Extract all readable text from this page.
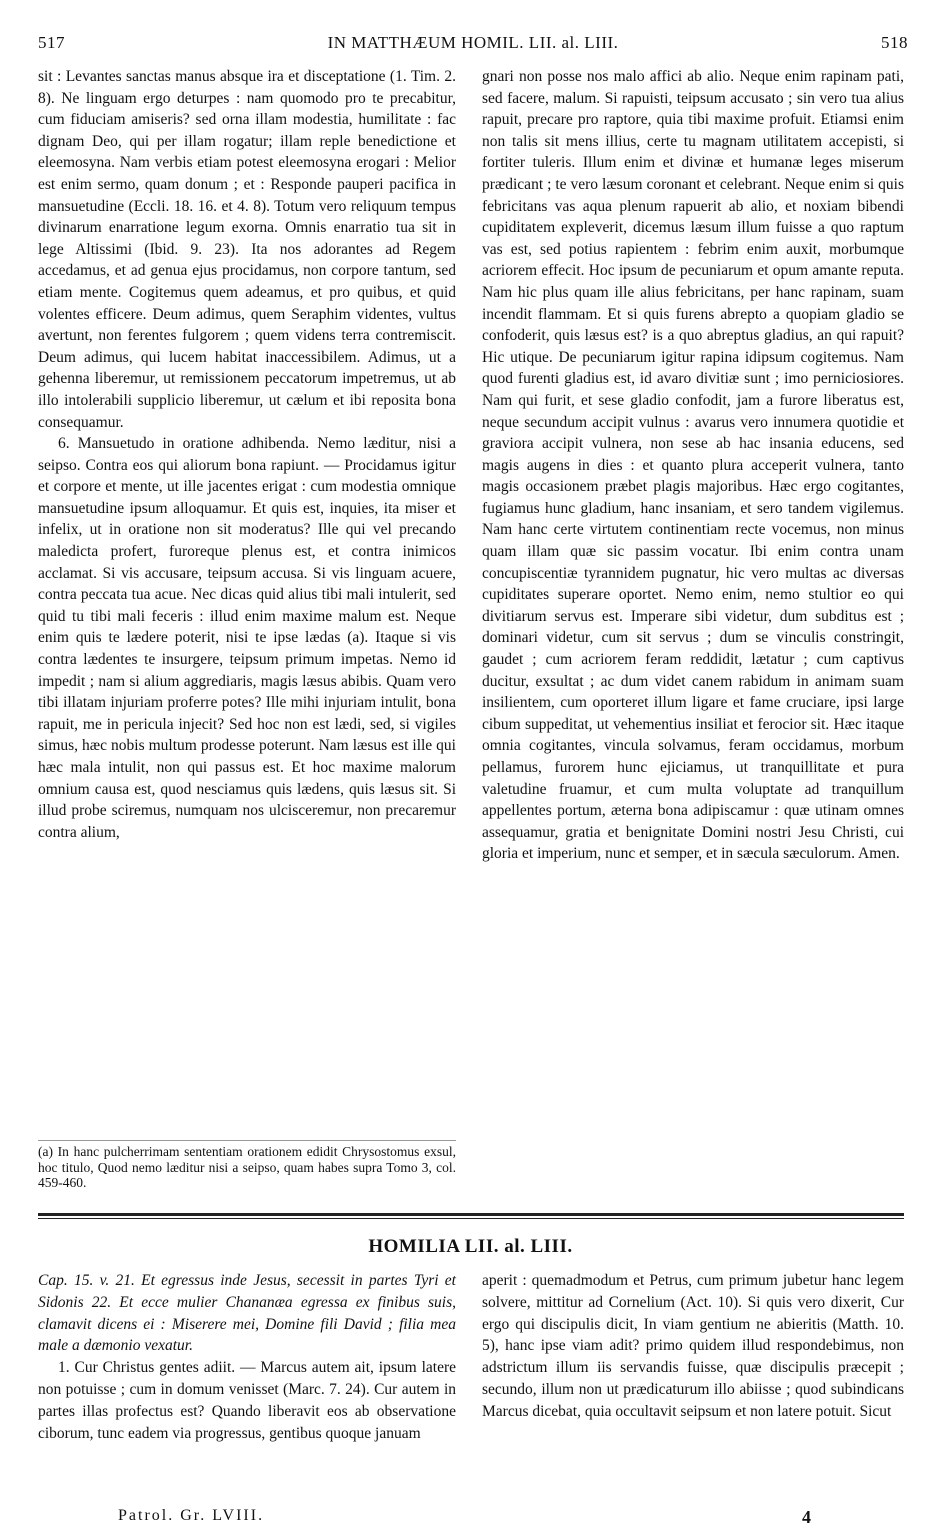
517	IN MATTHÆUM HOMIL. LII. al. LIII.	518

sit : Levantes sanctas manus absque ira et disceptatione (1. Tim. 2. 8). Ne linguam ergo deturpes : nam quomodo pro te precabitur, cum fiduciam amiseris? sed orna illam modestia, humilitate : fac dignam Deo, qui per illam rogatur; illam reple benedictione et eleemosyna. Nam verbis etiam potest eleemosyna erogari : Melior est enim sermo, quam donum ; et : Responde pauperi pacifica in mansuetudine (Eccli. 18. 16. et 4. 8). Totum vero reliquum tempus divinarum enarratione legum exorna. Omnis enarratio tua sit in lege Altissimi (Ibid. 9. 23). Ita nos adorantes ad Regem accedamus, et ad genua ejus procidamus, non corpore tantum, sed etiam mente. Cogitemus quem adeamus, et pro quibus, et quid volentes efficere. Deum adimus, quem Seraphim videntes, vultus avertunt, non ferentes fulgorem ; quem videns terra contremiscit. Deum adimus, qui lucem habitat inaccessibilem. Adimus, ut a gehenna liberemur, ut remissionem peccatorum impetremus, ut ab illo intolerabili supplicio liberemur, ut cælum et ibi reposita bona consequamur.

6. Mansuetudo in oratione adhibenda. Nemo læditur, nisi a seipso. Contra eos qui aliorum bona rapiunt. — Procidamus igitur et corpore et mente, ut ille jacentes erigat : cum modestia omnique mansuetudine ipsum alloquamur. Et quis est, inquies, ita miser et infelix, ut in oratione non sit moderatus? Ille qui vel precando maledicta profert, furoreque plenus est, et contra inimicos acclamat. Si vis accusare, teipsum accusa. Si vis linguam acuere, contra peccata tua acue. Nec dicas quid alius tibi mali intulerit, sed quid tu tibi mali feceris : illud enim maxime malum est. Neque enim quis te lædere poterit, nisi te ipse lædas (a). Itaque si vis contra lædentes te insurgere, teipsum primum impetas. Nemo id impedit ; nam si alium aggrediaris, magis læsus abibis. Quam vero tibi illatam injuriam proferre potes? Ille mihi injuriam intulit, bona rapuit, me in pericula injecit? Sed hoc non est lædi, sed, si vigiles simus, hæc nobis multum prodesse poterunt. Nam læsus est ille qui hæc mala intulit, non qui passus est. Et hoc maxime malorum omnium causa est, quod nesciamus quis lædens, quis læsus sit. Si illud probe sciremus, numquam nos ulcisceremur, non precaremur contra alium,

(a) In hanc pulcherrimam sententiam orationem edidit Chrysostomus exsul, hoc titulo, Quod nemo læditur nisi a seipso, quam habes supra Tomo 3, col. 459-460.

gnari non posse nos malo affici ab alio. Neque enim rapinam pati, sed facere, malum. Si rapuisti, teipsum accusato ; sin vero tua alius rapuit, precare pro raptore, quia tibi maxime profuit. Etiamsi enim non talis sit mens illius, certe tu magnam utilitatem accepisti, si fortiter tuleris. Illum enim et divinæ et humanæ leges miserum prædicant ; te vero læsum coronant et celebrant. Neque enim si quis febricitans vas aqua plenum rapuerit ab alio, et noxiam bibendi cupiditatem expleverit, dicemus læsum illum fuisse a quo raptum vas est, sed potius rapientem : febrim enim auxit, morbumque acriorem effecit. Hoc ipsum de pecuniarum et opum amante reputa. Nam hic plus quam ille alius febricitans, per hanc rapinam, suam incendit flammam. Et si quis furens abrepto a quopiam gladio se confoderit, quis læsus est? is a quo abreptus gladius, an qui rapuit? Hic utique. De pecuniarum igitur rapina idipsum cogitemus. Nam quod furenti gladius est, id avaro divitiæ sunt ; imo perniciosiores. Nam qui furit, et sese gladio confodit, jam a furore liberatus est, neque secundum accipit vulnus : avarus vero innumera quotidie et graviora accipit vulnera, non sese ab hac insania educens, sed magis augens in dies : et quanto plura acceperit vulnera, tanto magis occasionem præbet plagis majoribus. Hæc ergo cogitantes, fugiamus hunc gladium, hanc insaniam, et sero tandem vigilemus. Nam hanc certe virtutem continentiam recte vocemus, non minus quam illam quæ sic passim vocatur. Ibi enim contra unam concupiscentiæ tyrannidem pugnatur, hic vero multas ac diversas cupiditates superare oportet. Nemo enim, nemo stultior eo qui divitiarum servus est. Imperare sibi videtur, dum subditus est ; dominari videtur, cum sit servus ; dum se vinculis constringit, gaudet ; cum acriorem feram reddidit, lætatur ; cum captivus ducitur, exsultat ; ac dum videt canem rabidum in animam suam insilientem, cum oporteret illum ligare et fame cruciare, ipsi large cibum suppeditat, ut vehementius insiliat et ferocior sit. Hæc itaque omnia cogitantes, vincula solvamus, feram occidamus, morbum pellamus, furorem hunc ejiciamus, ut tranquillitate et pura valetudine fruamur, et cum multa voluptate ad tranquillum appellentes portum, æterna bona adipiscamur : quæ utinam omnes assequamur, gratia et benignitate Domini nostri Jesu Christi, cui gloria et imperium, nunc et semper, et in sæcula sæculorum. Amen.

HOMILIA LII. al. LIII.

Cap. 15. v. 21. Et egressus inde Jesus, secessit in partes Tyri et Sidonis 22. Et ecce mulier Chananæa egressa ex finibus suis, clamavit dicens ei : Miserere mei, Domine fili David ; filia mea male a dæmonio vexatur.

1. Cur Christus gentes adiit. — Marcus autem ait, ipsum latere non potuisse ; cum in domum venisset (Marc. 7. 24). Cur autem in partes illas profectus est? Quando liberavit eos ab observatione ciborum, tunc eadem via progressus, gentibus quoque januam

aperit : quemadmodum et Petrus, cum primum jubetur hanc legem solvere, mittitur ad Cornelium (Act. 10). Si quis vero dixerit, Cur ergo qui discipulis dicit, In viam gentium ne abieritis (Matth. 10. 5), hanc ipse viam adit? primo quidem illud respondebimus, non adstrictum illum iis servandis fuisse, quæ discipulis præcepit ; secundo, illum non ut prædicaturum illo abiisse ; quod subindicans Marcus dicebat, quia occultavit seipsum et non latere potuit. Sicut

Patrol. Gr. LVIII.	4
